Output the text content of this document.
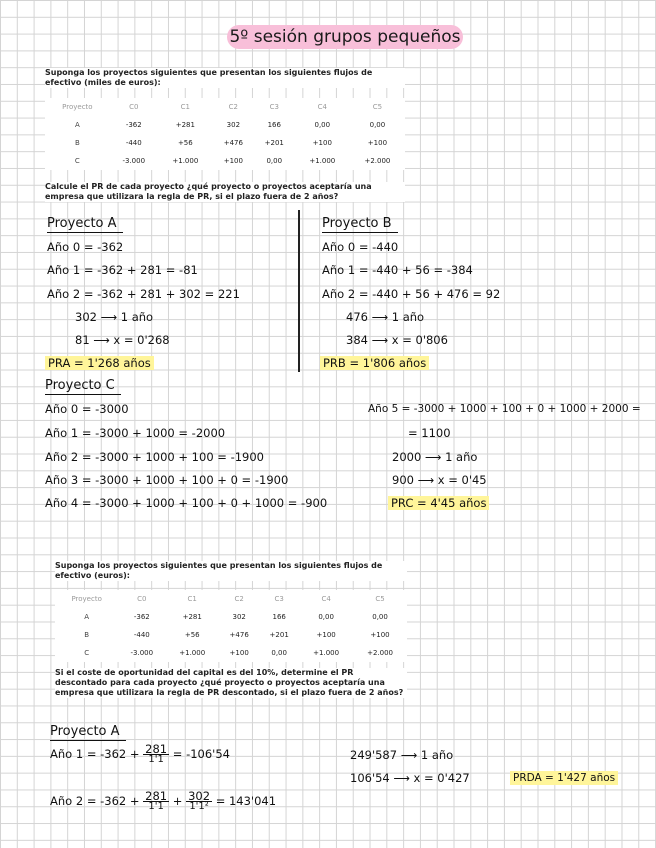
5º sesión grupos pequeños
Suponga los proyectos siguientes que presentan los siguientes flujos de efectivo (miles de euros):
Proyecto	C0	C1	C2	C3	C4	C5
A	-362	+281	302	166	0,00	0,00
B	-440	+56	+476	+201	+100	+100
C	-3.000	+1.000	+100	0,00	+1.000	+2.000
Calcule el PR de cada proyecto ¿qué proyecto o proyectos aceptaría una empresa que utilizara la regla de PR, si el plazo fuera de 2 años?
Proyecto A
Año 0 = -362
Año 1 = -362 + 281 = -81
Año 2 = -362 + 281 + 302 = 221
302 ⟶ 1 año
81 ⟶ x = 0'268
PRA = 1'268 años
Proyecto B
Año 0 = -440
Año 1 = -440 + 56 = -384
Año 2 = -440 + 56 + 476 = 92
476 ⟶ 1 año
384 ⟶ x = 0'806
PRB = 1'806 años
Proyecto C
Año 0 = -3000
Año 1 = -3000 + 1000 = -2000
Año 2 = -3000 + 1000 + 100 = -1900
Año 3 = -3000 + 1000 + 100 + 0 = -1900
Año 4 = -3000 + 1000 + 100 + 0 + 1000 = -900
Año 5 = -3000 + 1000 + 100 + 0 + 1000 + 2000 =
= 1100
2000 ⟶ 1 año
900 ⟶ x = 0'45
PRC = 4'45 años
Suponga los proyectos siguientes que presentan los siguientes flujos de efectivo (euros):
Proyecto	C0	C1	C2	C3	C4	C5
A	-362	+281	302	166	0,00	0,00
B	-440	+56	+476	+201	+100	+100
C	-3.000	+1.000	+100	0,00	+1.000	+2.000
Si el coste de oportunidad del capital es del 10%, determine el PR descontado para cada proyecto ¿qué proyecto o proyectos aceptaría una empresa que utilizara la regla de PR descontado, si el plazo fuera de 2 años?
Proyecto A
Año $1 = -362 + \frac{281}{1'1} = -106'54$
Año $2 = -362 + \frac{281}{1'1} + \frac{302}{\text{1'1²}} = 143'041$
249'587 ⟶ 1 año
106'54 ⟶ x = 0'427	PRDA = 1'427 años
